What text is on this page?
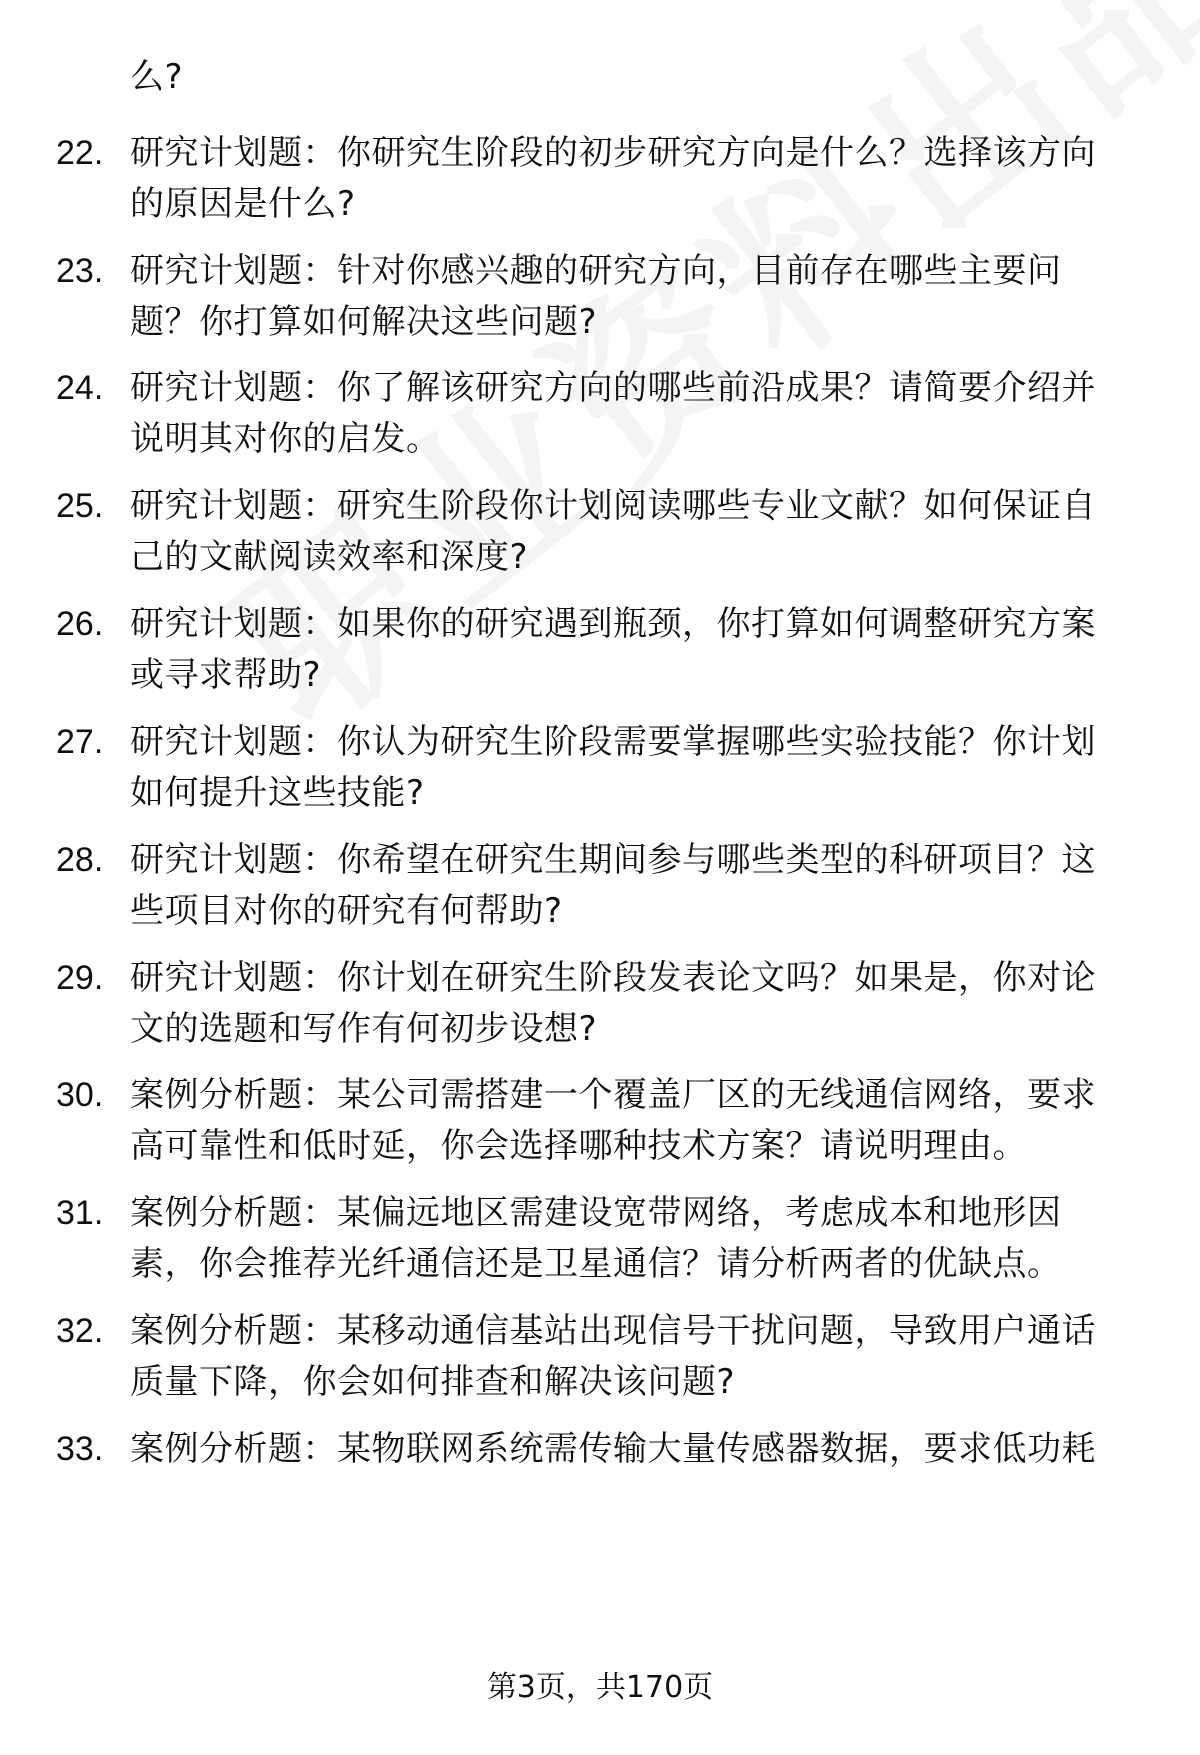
么?
22. 研究计划题：你研究生阶段的初步研究方向是什么？选择该方向
的原因是什么?
23. 研究计划题：针对你感兴趣的研究方向，目前存在哪些主要问
题？你打算如何解决这些问题?
24. 研究计划题：你了解该研究方向的哪些前沿成果？请简要介绍并
说明其对你的启发。
25. 研究计划题：研究生阶段你计划阅读哪些专业文献？如何保证自
己的文献阅读效率和深度?
26. 研究计划题：如果你的研究遇到瓶颈，你打算如何调整研究方案
或寻求帮助?
27. 研究计划题：你认为研究生阶段需要掌握哪些实验技能？你计划
如何提升这些技能?
28. 研究计划题：你希望在研究生期间参与哪些类型的科研项目？这
些项目对你的研究有何帮助?
29. 研究计划题：你计划在研究生阶段发表论文吗？如果是，你对论
文的选题和写作有何初步设想?
30. 案例分析题：某公司需搭建一个覆盖厂区的无线通信网络，要求
高可靠性和低时延，你会选择哪种技术方案？请说明理由。
31. 案例分析题：某偏远地区需建设宽带网络，考虑成本和地形因
素，你会推荐光纤通信还是卫星通信？请分析两者的优缺点。
32. 案例分析题：某移动通信基站出现信号干扰问题，导致用户通话
质量下降，你会如何排查和解决该问题?
33. 案例分析题：某物联网系统需传输大量传感器数据，要求低功耗
第3页，共170页
